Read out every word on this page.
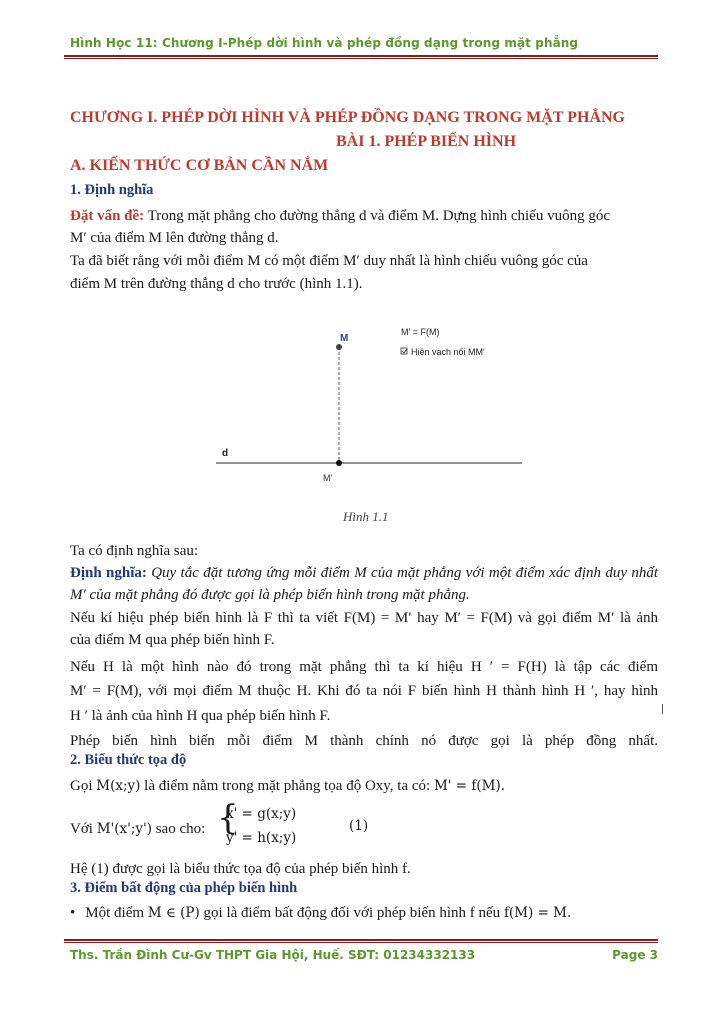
Hình Học 11: Chương I-Phép dời hình và phép đồng dạng trong mặt phẳng
CHƯƠNG I. PHÉP DỜI HÌNH VÀ PHÉP ĐỒNG DẠNG TRONG MẶT PHẲNG
BÀI 1. PHÉP BIẾN HÌNH
A. KIẾN THỨC CƠ BẢN CẦN NẮM
1. Định nghĩa
Đặt vấn đề: Trong mặt phẳng cho đường thẳng d và điểm M. Dựng hình chiếu vuông góc
M′ của điểm M lên đường thẳng d.
Ta đã biết rằng với mỗi điểm M có một điểm M′ duy nhất là hình chiếu vuông góc của
điểm M trên đường thẳng d cho trước (hình 1.1).
M
M'
d
M' = F(M)
Hiện vạch nối MM'
Hình 1.1
Ta có định nghĩa sau:
Định nghĩa: Quy tắc đặt tương ứng mỗi điểm M của mặt phẳng với một điểm xác định duy nhất
M′ của mặt phẳng đó được gọi là phép biến hình trong mặt phẳng.
Nếu kí hiệu phép biến hình là F thì ta viết F(M) = M′ hay M′ = F(M) và gọi điểm M′ là ảnh
của điểm M qua phép biến hình F.
Nếu H là một hình nào đó trong mặt phẳng thì ta kí hiệu H ′ = F(H) là tập các điểm
M′ = F(M), với mọi điểm M thuộc H. Khi đó ta nói F biến hình H thành hình H ′, hay hình
H ′ là ảnh của hình H qua phép biến hình F.
Phép biến hình biến mỗi điểm M thành chính nó được gọi là phép đồng nhất.
2. Biểu thức tọa độ
Gọi M(x;y) là điểm nằm trong mặt phẳng tọa độ Oxy, ta có: M' = f(M).
Với M'(x';y') sao cho: {
x' = g(x;y)
y' = h(x;y)
(1)
Hệ (1) được gọi là biểu thức tọa độ của phép biến hình f.
3. Điểm bất động của phép biến hình
• Một điểm M ∈ (P) gọi là điểm bất động đối với phép biến hình f nếu f(M) = M.
Ths. Trần Đình Cư-Gv THPT Gia Hội, Huế. SĐT: 01234332133	Page 3
